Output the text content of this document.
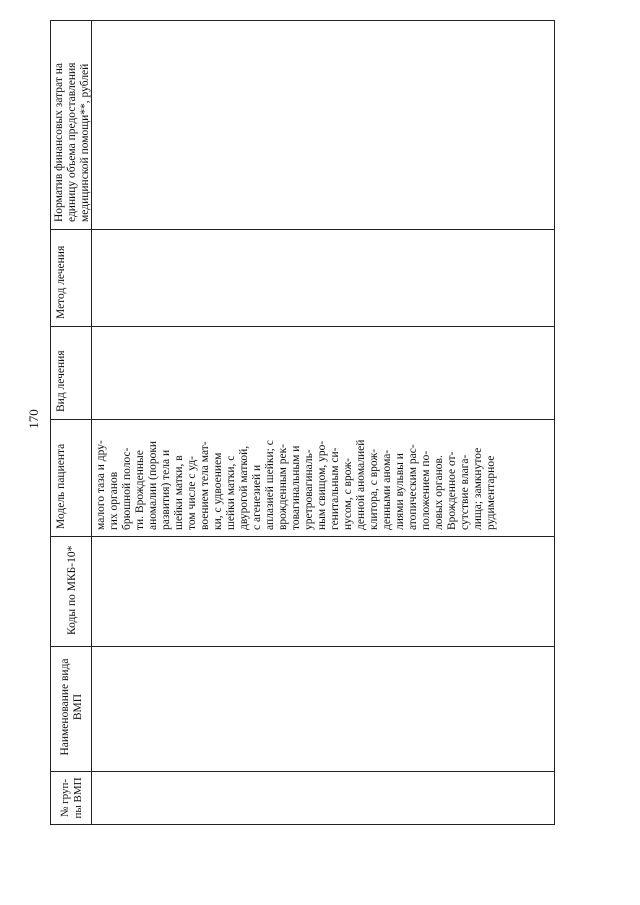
170
Норматив финансовых затрат на единицу объема предоставления медицинской помощи**, рублей
Метод лечения
Вид лечения
Модель пациента
Коды по МКБ-10*
Наименование вида ВМП
№ груп-пы ВМП
малого таза и дру- гих органов брюшной полос- ти. Врожденные аномалии (пороки развития) тела и шейки матки, в том числе с уд- воением тела мат- ки, с удвоением шейки матки, с двурогой маткой, с агенезией и аплазией шейки; с врожденным рек- товагинальным и уретровагиналь- ным свищом, уро- генитальным си- нусом, с врож- денной аномалией клитора, с врож- денными анома- лиями вульвы и атопическим рас- положением по- ловых органов. Врожденное от- сутствие влага- лища; замкнутое рудиментарное
